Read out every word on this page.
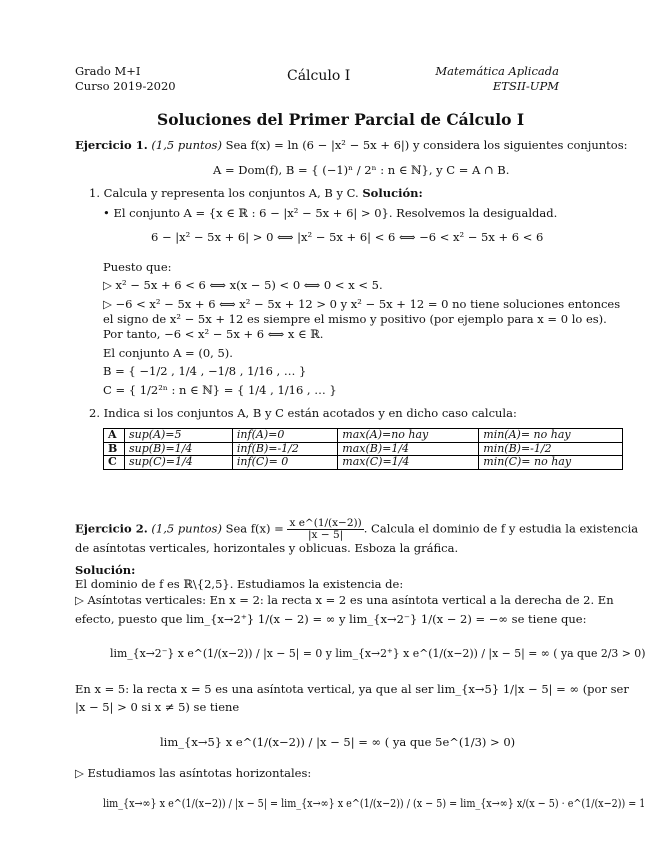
Grado M+I
Curso 2019-2020
Cálculo I	Matemática Aplicada
ETSII-UPM
Soluciones del Primer Parcial de Cálculo I
Ejercicio 1. (1,5 puntos) Sea f(x) = ln (6 − |x² − 5x + 6|) y considera los siguientes conjuntos:
A = Dom(f), B = { (−1)ⁿ / 2ⁿ : n ∈ ℕ}, y C = A ∩ B.
1. Calcula y representa los conjuntos A, B y C. Solución:
• El conjunto A = {x ∈ ℝ : 6 − |x² − 5x + 6| > 0}. Resolvemos la desigualdad.
6 − |x² − 5x + 6| > 0 ⟺ |x² − 5x + 6| < 6 ⟺ −6 < x² − 5x + 6 < 6
Puesto que:
▷ x² − 5x + 6 < 6 ⟺ x(x − 5) < 0 ⟺ 0 < x < 5.
▷ −6 < x² − 5x + 6 ⟺ x² − 5x + 12 > 0 y x² − 5x + 12 = 0 no tiene soluciones entonces
el signo de x² − 5x + 12 es siempre el mismo y positivo (por ejemplo para x = 0 lo es).
Por tanto, −6 < x² − 5x + 6 ⟺ x ∈ ℝ.
El conjunto A = (0, 5).
B = { −1/2 , 1/4 , −1/8 , 1/16 , … }
C = { 1/2²ⁿ : n ∈ ℕ} = { 1/4 , 1/16 , … }
2. Indica si los conjuntos A, B y C están acotados y en dicho caso calcula:
A	sup(A)=5	inf(A)=0	max(A)=no hay	min(A)= no hay
B	sup(B)=1/4	inf(B)=-1/2	max(B)=1/4	min(B)=-1/2
C	sup(C)=1/4	inf(C)= 0	max(C)=1/4	min(C)= no hay
Ejercicio 2. (1,5 puntos) Sea $f(x) = \frac{\text{x e\textasciicircum{}(1/(x−2))}}{|x - 5|}$ . Calcula el dominio de f y estudia la existencia
de asíntotas verticales, horizontales y oblicuas. Esboza la gráfica.
Solución:
El dominio de f es ℝ\{2,5}. Estudiamos la existencia de:
▷ Asíntotas verticales: En x = 2: la recta x = 2 es una asíntota vertical a la derecha de 2. En
efecto, puesto que lim_{x→2⁺} 1/(x − 2) = ∞ y lim_{x→2⁻} 1/(x − 2) = −∞ se tiene que:
lim_{x→2⁻} x e^(1/(x−2)) / |x − 5| = 0 y lim_{x→2⁺} x e^(1/(x−2)) / |x − 5| = ∞ ( ya que 2/3 > 0)
En x = 5: la recta x = 5 es una asíntota vertical, ya que al ser lim_{x→5} 1/|x − 5| = ∞ (por ser
|x − 5| > 0 si x ≠ 5) se tiene
lim_{x→5} x e^(1/(x−2)) / |x − 5| = ∞ ( ya que 5e^(1/3) > 0)
▷ Estudiamos las asíntotas horizontales:
lim_{x→∞} x e^(1/(x−2)) / |x − 5| = lim_{x→∞} x e^(1/(x−2)) / (x − 5) = lim_{x→∞} x/(x − 5) · e^(1/(x−2)) = 1
